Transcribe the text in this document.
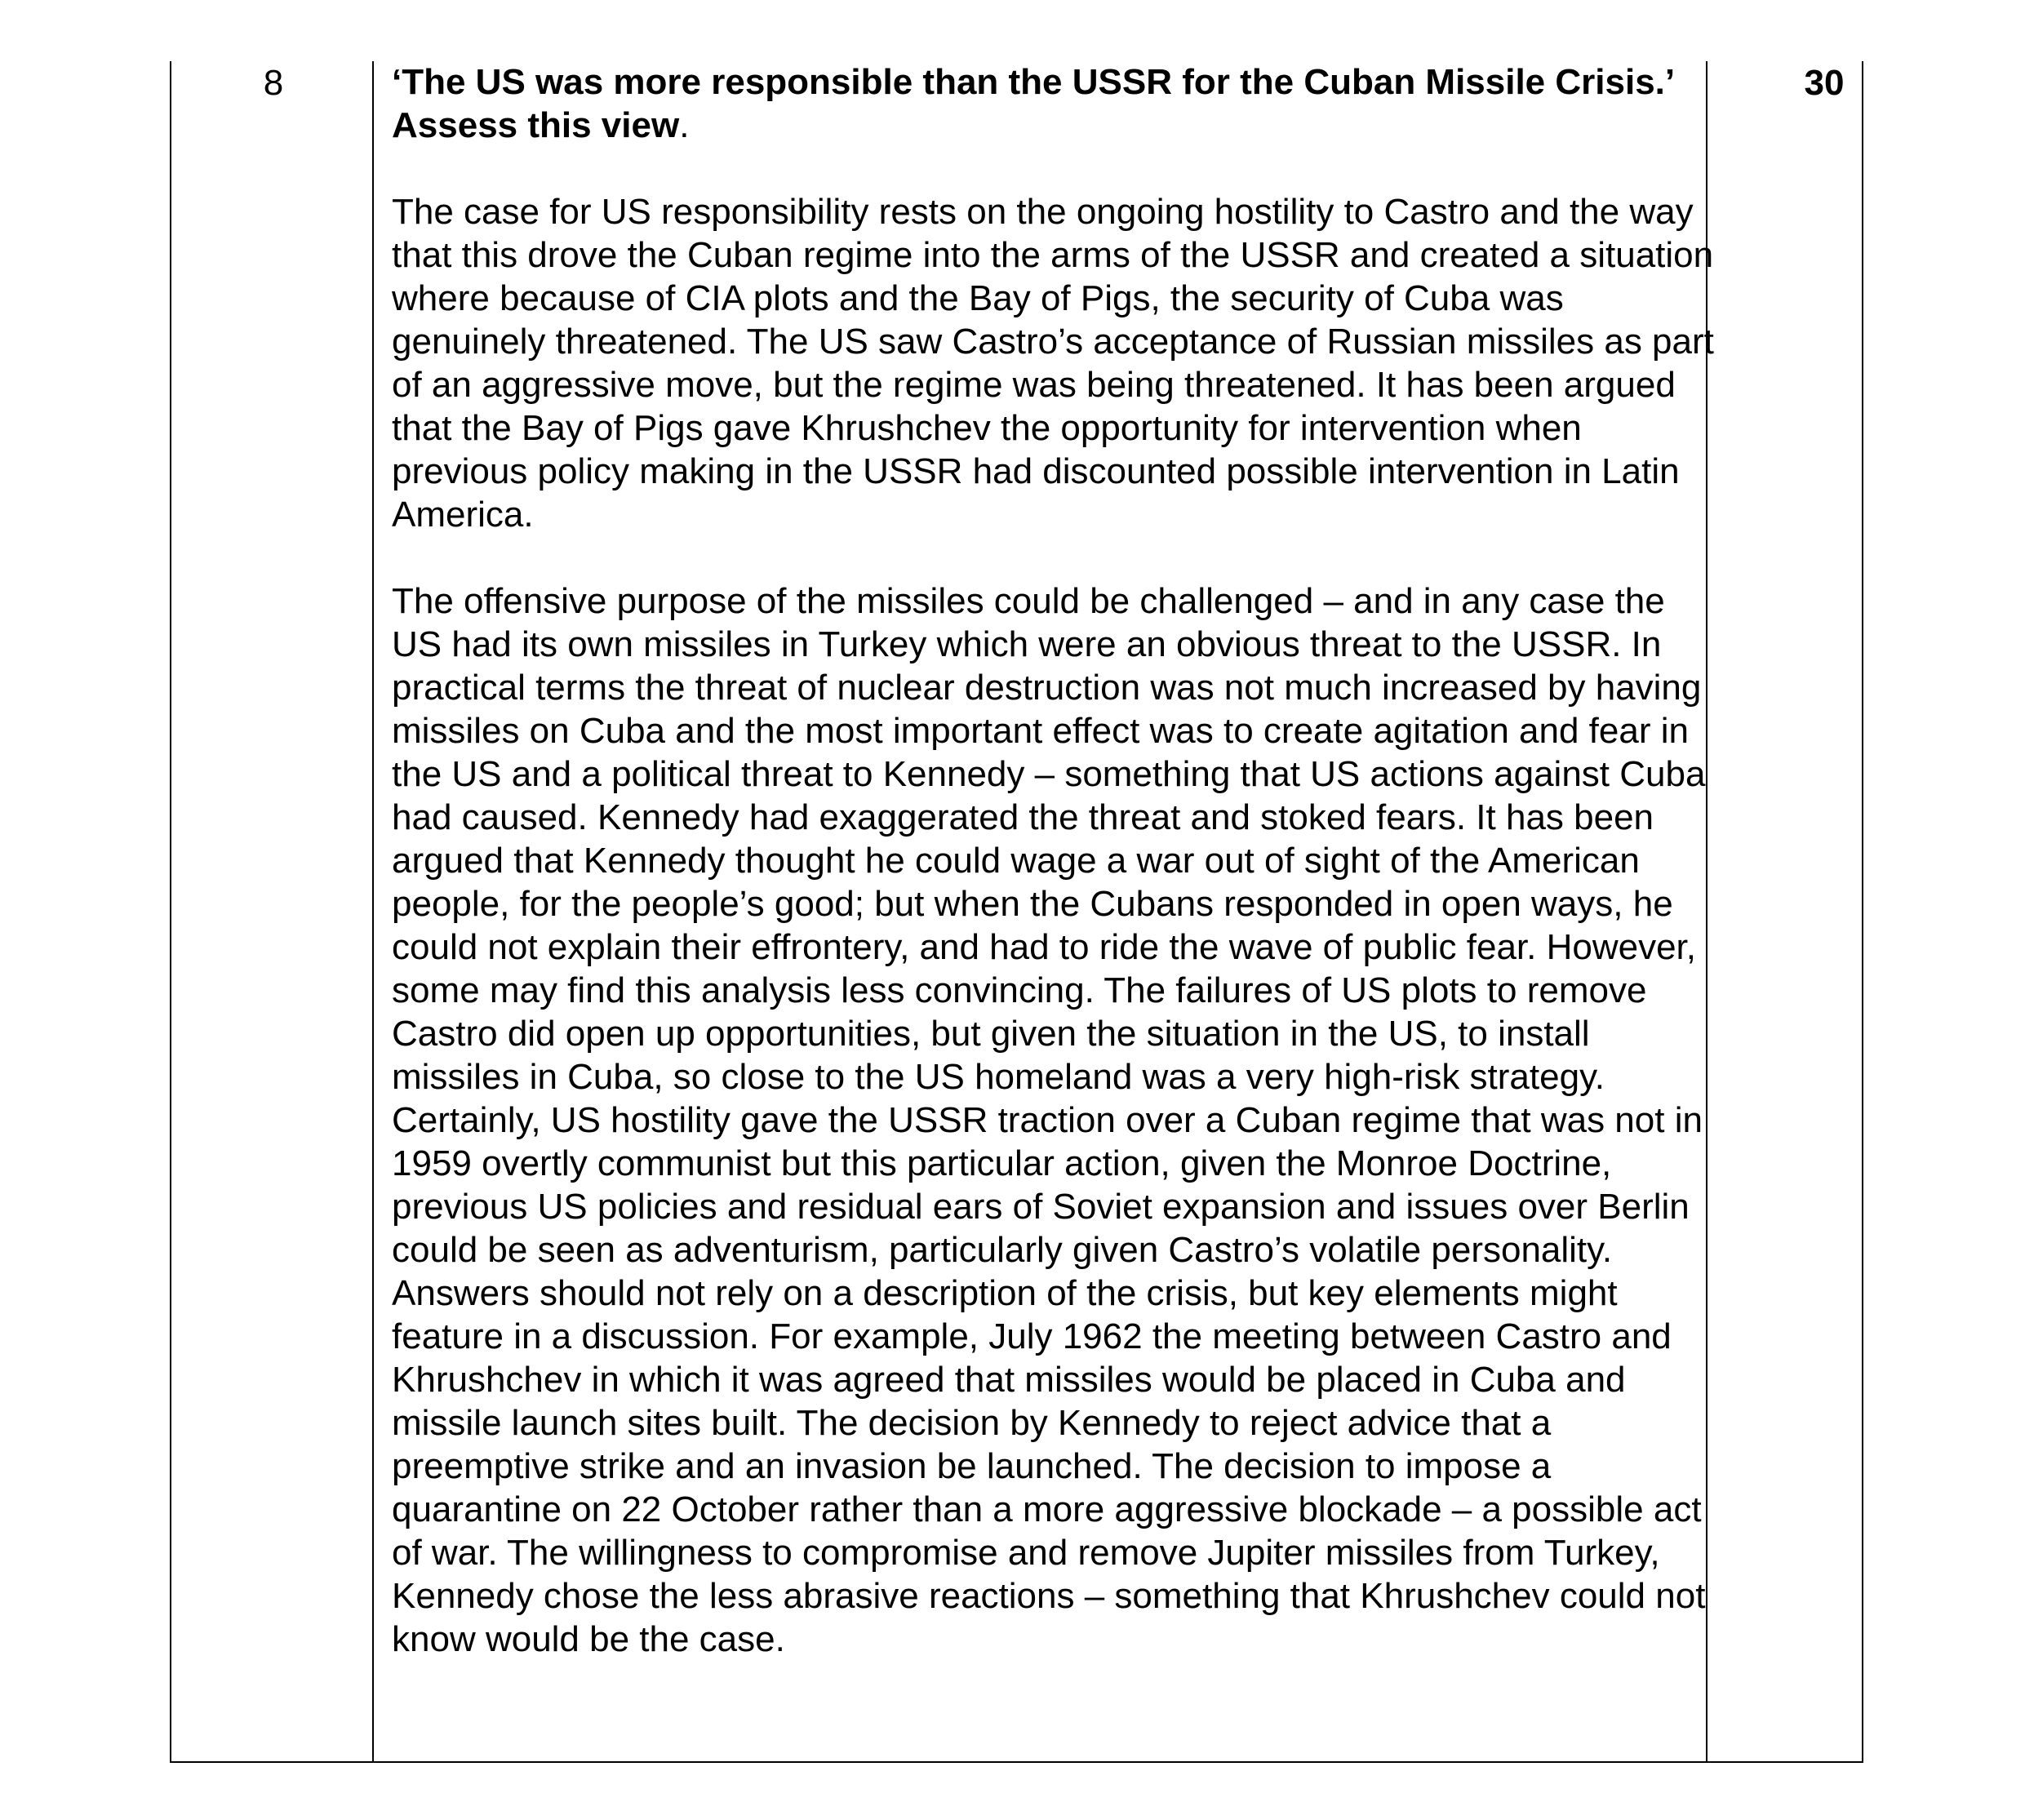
8	‘The US was more responsible than the USSR for the Cuban Missile Crisis.’ Assess this view.

The case for US responsibility rests on the ongoing hostility to Castro and the way that this drove the Cuban regime into the arms of the USSR and created a situation where because of CIA plots and the Bay of Pigs, the security of Cuba was genuinely threatened. The US saw Castro’s acceptance of Russian missiles as part of an aggressive move, but the regime was being threatened. It has been argued that the Bay of Pigs gave Khrushchev the opportunity for intervention when previous policy making in the USSR had discounted possible intervention in Latin America.

The offensive purpose of the missiles could be challenged – and in any case the US had its own missiles in Turkey which were an obvious threat to the USSR. In practical terms the threat of nuclear destruction was not much increased by having missiles on Cuba and the most important effect was to create agitation and fear in the US and a political threat to Kennedy – something that US actions against Cuba had caused. Kennedy had exaggerated the threat and stoked fears. It has been argued that Kennedy thought he could wage a war out of sight of the American people, for the people’s good; but when the Cubans responded in open ways, he could not explain their effrontery, and had to ride the wave of public fear. However, some may find this analysis less convincing. The failures of US plots to remove Castro did open up opportunities, but given the situation in the US, to install missiles in Cuba, so close to the US homeland was a very high-risk strategy. Certainly, US hostility gave the USSR traction over a Cuban regime that was not in 1959 overtly communist but this particular action, given the Monroe Doctrine, previous US policies and residual ears of Soviet expansion and issues over Berlin could be seen as adventurism, particularly given Castro’s volatile personality. Answers should not rely on a description of the crisis, but key elements might feature in a discussion. For example, July 1962 the meeting between Castro and Khrushchev in which it was agreed that missiles would be placed in Cuba and missile launch sites built. The decision by Kennedy to reject advice that a preemptive strike and an invasion be launched. The decision to impose a quarantine on 22 October rather than a more aggressive blockade – a possible act of war. The willingness to compromise and remove Jupiter missiles from Turkey, Kennedy chose the less abrasive reactions – something that Khrushchev could not know would be the case.

30
